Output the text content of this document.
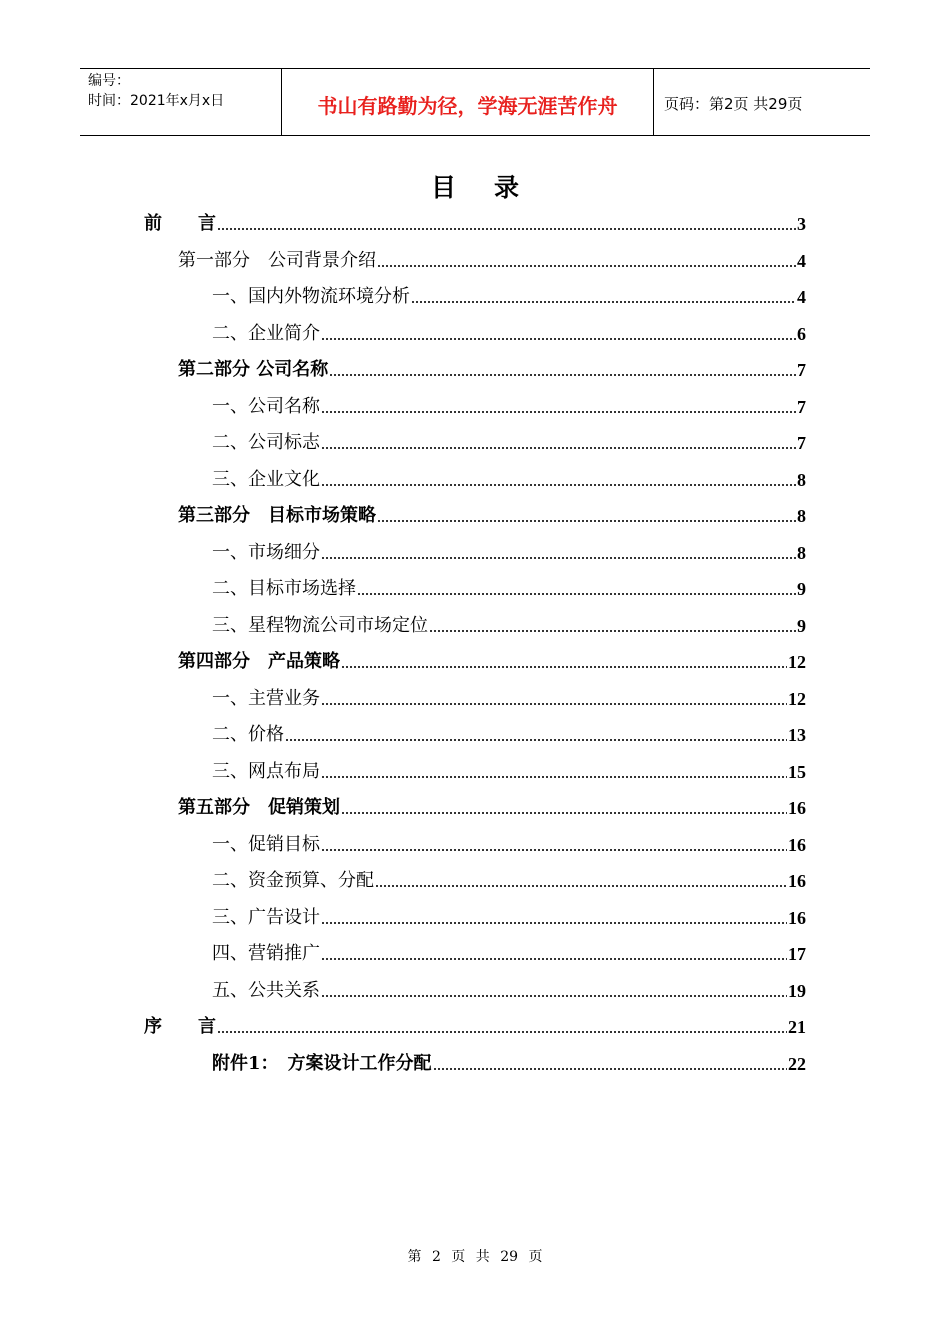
编号：
时间：2021年x月x日	书山有路勤为径，学海无涯苦作舟	页码：第2页 共29页
目录
前　　言	3
第一部分　公司背景介绍	4
一、国内外物流环境分析	4
二、企业简介	6
第二部分 公司名称	7
一、公司名称	7
二、公司标志	7
三、企业文化	8
第三部分　目标市场策略	8
一、市场细分	8
二、目标市场选择	9
三、星程物流公司市场定位	9
第四部分　产品策略	12
一、主营业务	12
二、价格	13
三、网点布局	15
第五部分　促销策划	16
一、促销目标	16
二、资金预算、分配	16
三、广告设计	16
四、营销推广	17
五、公共关系	19
序　　言	21
附件1：　方案设计工作分配	22
第 2 页 共 29 页
